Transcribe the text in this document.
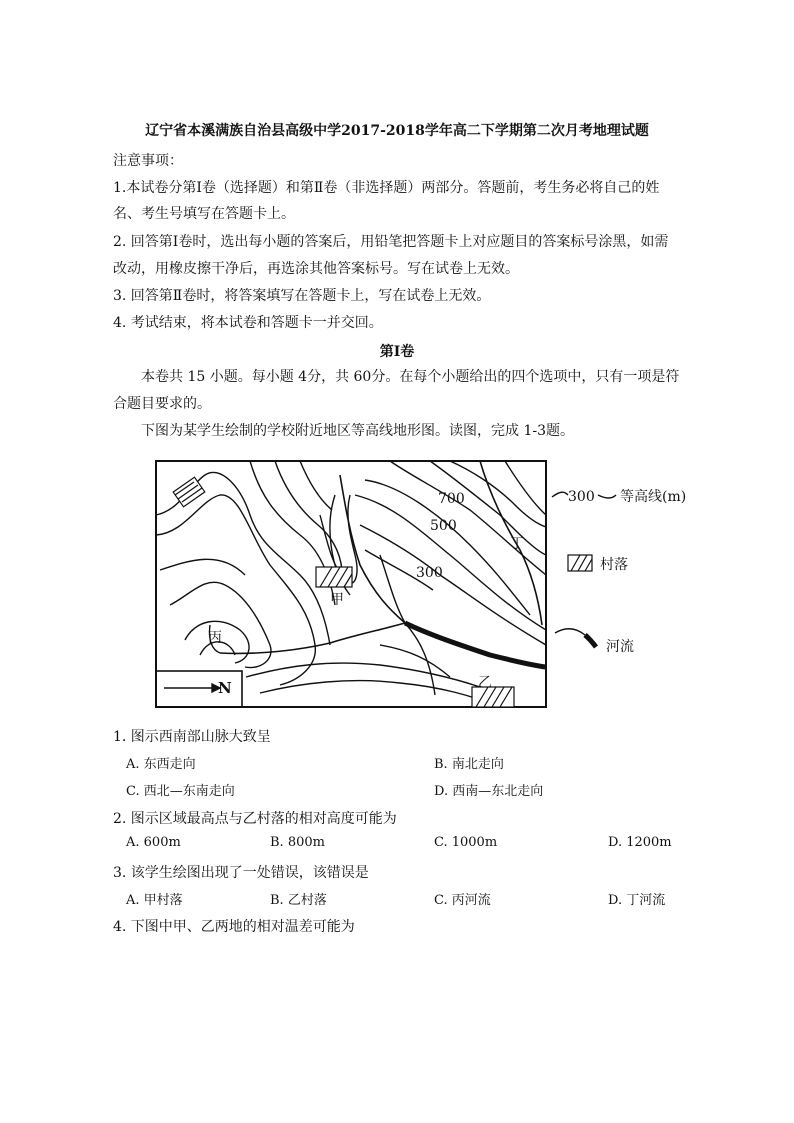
辽宁省本溪满族自治县高级中学2017-2018学年高二下学期第二次月考地理试题
注意事项：
1.本试卷分第Ⅰ卷（选择题）和第Ⅱ卷（非选择题）两部分。答题前，考生务必将自己的姓
名、考生号填写在答题卡上。
2. 回答第Ⅰ卷时，选出每小题的答案后，用铅笔把答题卡上对应题目的答案标号涂黑，如需
改动，用橡皮擦干净后，再选涂其他答案标号。写在试卷上无效。
3. 回答第Ⅱ卷时，将答案填写在答题卡上，写在试卷上无效。
4. 考试结束，将本试卷和答题卡一并交回。
第Ⅰ卷
本卷共 15 小题。每小题 4分，共 60分。在每个小题给出的四个选项中，只有一项是符
合题目要求的。
下图为某学生绘制的学校附近地区等高线地形图。读图，完成 1-3题。
700
500
300
甲
乙
丙
丁
N
300 等高线(m)
村落
河流
1. 图示西南部山脉大致呈
A. 东西走向	B. 南北走向
C. 西北—东南走向	D. 西南—东北走向
2. 图示区域最高点与乙村落的相对高度可能为
A. 600m	B. 800m	C. 1000m	D. 1200m
3. 该学生绘图出现了一处错误，该错误是
A. 甲村落	B. 乙村落	C. 丙河流	D. 丁河流
4. 下图中甲、乙两地的相对温差可能为
